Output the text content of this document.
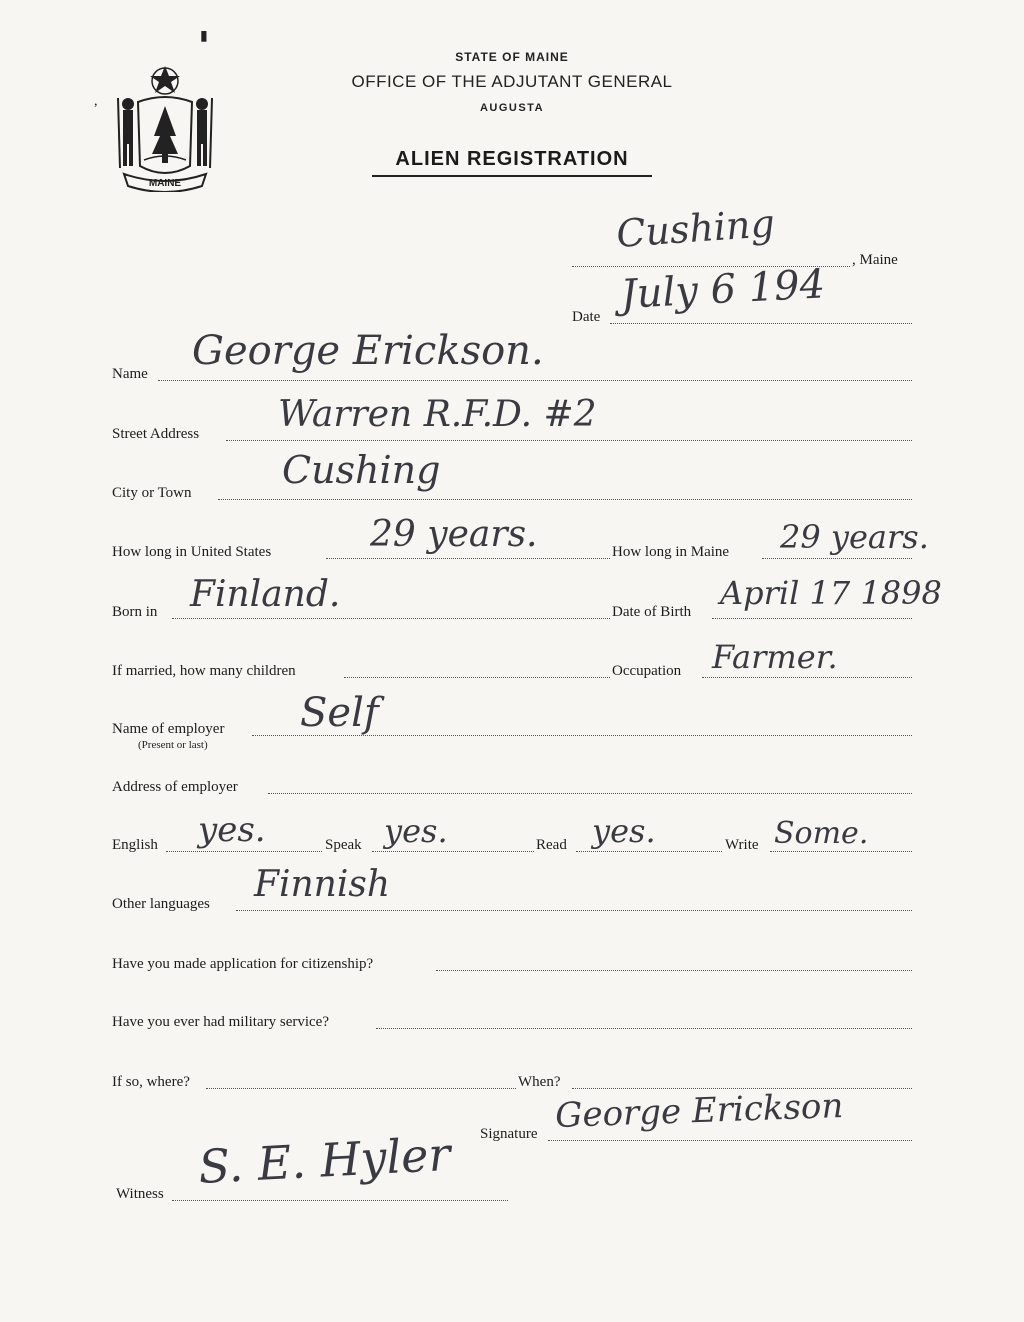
MAINE
STATE OF MAINE
OFFICE OF THE ADJUTANT GENERAL
AUGUSTA
ALIEN REGISTRATION
, Maine
Cushing
Date July 6 194
Name George Erickson.
Street Address Warren R.F.D. #2
City or Town
Cushing
How long in United States	29 years.	How long in Maine 29 years.
Born in Finland.	Date of Birth April 17 1898
If married, how many children	Occupation Farmer.
Name of employer
(Present or last)
Self
Address of employer
English yes.	Speak yes.	Read yes.	Write Some.
Other languages Finnish
Have you made application for citizenship?
Have you ever had military service?
If so, where?	When?
Signature George Erickson
Witness S. E. Hyler
▮
,
